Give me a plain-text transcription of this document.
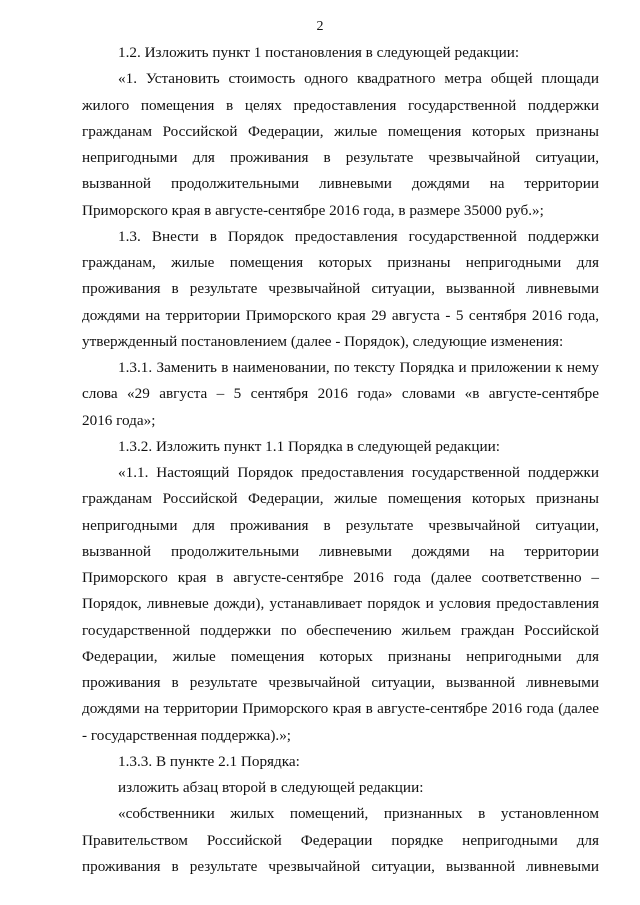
2
1.2. Изложить пункт 1 постановления в следующей редакции:
«1. Установить стоимость одного квадратного метра общей площади
жилого помещения в целях предоставления государственной поддержки
гражданам Российской Федерации, жилые помещения которых признаны
непригодными для проживания в результате чрезвычайной ситуации,
вызванной продолжительными ливневыми дождями на территории
Приморского края в августе-сентябре 2016 года, в размере 35000 руб.»;
1.3. Внести в Порядок предоставления государственной поддержки
гражданам, жилые помещения которых признаны непригодными для
проживания в результате чрезвычайной ситуации, вызванной ливневыми
дождями на территории Приморского края 29 августа - 5 сентября 2016 года,
утвержденный постановлением (далее - Порядок), следующие изменения:
1.3.1. Заменить в наименовании, по тексту Порядка и приложении к нему
слова «29 августа – 5 сентября 2016 года» словами «в августе-сентябре
2016 года»;
1.3.2. Изложить пункт 1.1 Порядка в следующей редакции:
«1.1. Настоящий Порядок предоставления государственной поддержки
гражданам Российской Федерации, жилые помещения которых признаны
непригодными для проживания в результате чрезвычайной ситуации,
вызванной продолжительными ливневыми дождями на территории
Приморского края в августе-сентябре 2016 года (далее соответственно –
Порядок, ливневые дожди), устанавливает порядок и условия предоставления
государственной поддержки по обеспечению жильем граждан Российской
Федерации, жилые помещения которых признаны непригодными для
проживания в результате чрезвычайной ситуации, вызванной ливневыми
дождями на территории Приморского края в августе-сентябре 2016 года (далее
- государственная поддержка).»;
1.3.3. В пункте 2.1 Порядка:
изложить абзац второй в следующей редакции:
«собственники жилых помещений, признанных в установленном
Правительством Российской Федерации порядке непригодными для
проживания в результате чрезвычайной ситуации, вызванной ливневыми
